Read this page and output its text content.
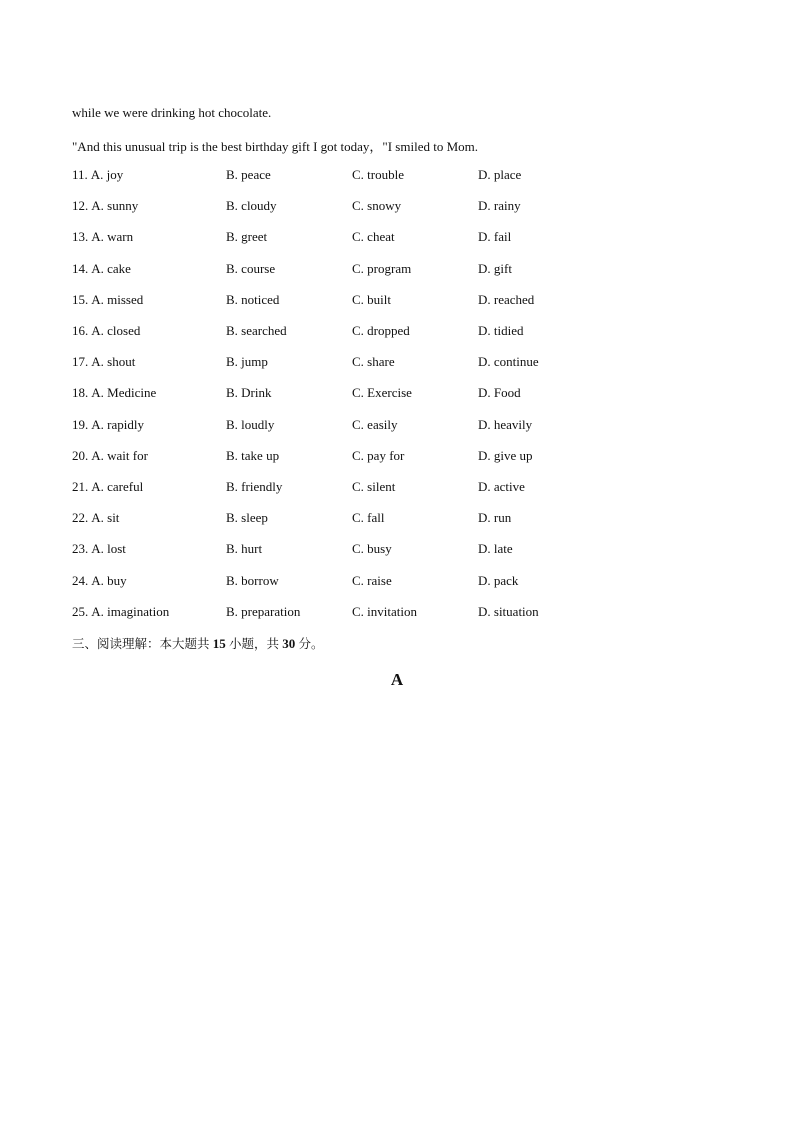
while we were drinking hot chocolate.
"And this unusual trip is the best birthday gift I got today，"I smiled to Mom.
11. A. joy	B. peace	C. trouble	D. place
12. A. sunny	B. cloudy	C. snowy	D. rainy
13. A. warn	B. greet	C. cheat	D. fail
14. A. cake	B. course	C. program	D. gift
15. A. missed	B. noticed	C. built	D. reached
16. A. closed	B. searched	C. dropped	D. tidied
17. A. shout	B. jump	C. share	D. continue
18. A. Medicine	B. Drink	C. Exercise	D. Food
19. A. rapidly	B. loudly	C. easily	D. heavily
20. A. wait for	B. take up	C. pay for	D. give up
21. A. careful	B. friendly	C. silent	D. active
22. A. sit	B. sleep	C. fall	D. run
23. A. lost	B. hurt	C. busy	D. late
24. A. buy	B. borrow	C. raise	D. pack
25. A. imagination	B. preparation	C. invitation	D. situation
三、阅读理解：本大题共 15 小题，共 30 分。
A
